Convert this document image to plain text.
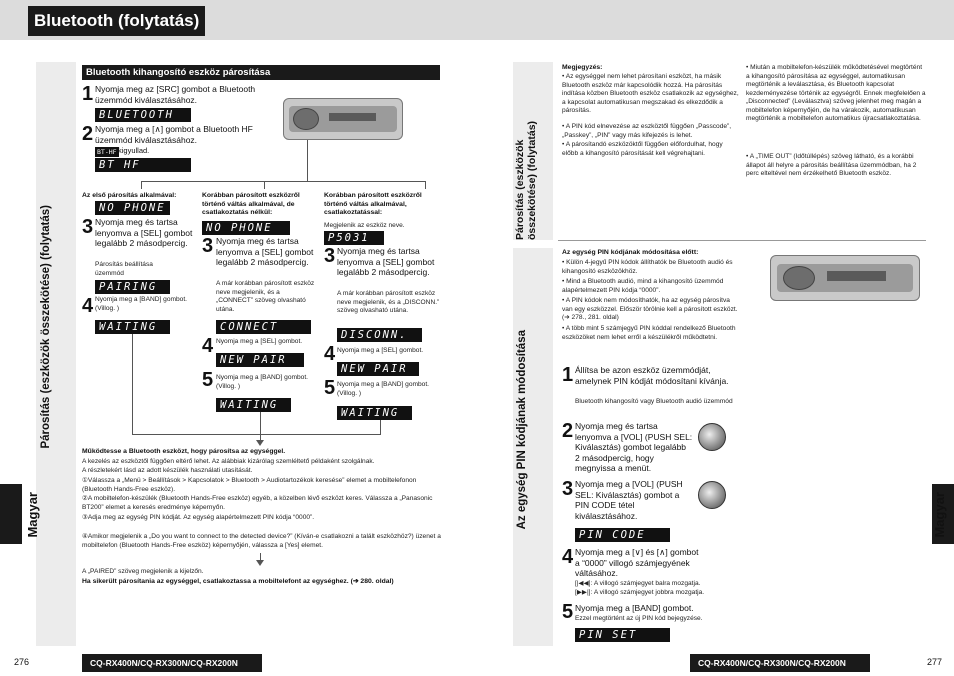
Bluetooth (folytatás)
Párosítás (eszközök összekötése) (folytatás)
Magyar
Bluetooth kihangosító eszköz párosítása
1 Nyomja meg az [SRC] gombot a Bluetooth üzemmód kiválasztásához.
BLUETOOTH
2 Nyomja meg a [∧] gombot a Bluetooth HF üzemmód kiválasztásához.
BT-HF kigyullad.
BT HF
Az első párosítás alkalmával:	Korábban párosított eszközről történő váltás alkalmával, de csatlakoztatás nélkül:
Korábban párosított eszközről történő váltás alkalmával, csatlakoztatással:
Megjelenik az eszköz neve.
NO PHONE
3 Nyomja meg és tartsa lenyomva a [SEL] gombot legalább 2 másodpercig.
Párosítás beállítása üzemmód
PAIRING
4 Nyomja meg a [BAND] gombot. (Villog. )
WAITING
NO PHONE
3 Nyomja meg és tartsa lenyomva a [SEL] gombot legalább 2 másodpercig.
A már korábban párosított eszköz neve megjelenik, és a „CONNECT” szöveg olvasható utána.
CONNECT
4 Nyomja meg a [SEL] gombot.
NEW PAIR
5 Nyomja meg a [BAND] gombot. (Villog. )
WAITING
P5031
3 Nyomja meg és tartsa lenyomva a [SEL] gombot legalább 2 másodpercig.
A már korábban párosított eszköz neve megjelenik, és a „DISCONN.” szöveg olvasható utána.
DISCONN.
4 Nyomja meg a [SEL] gombot.
NEW PAIR
5 Nyomja meg a [BAND] gombot. (Villog. )
WAITING
Működtesse a Bluetooth eszközt, hogy párosítsa az egységgel.
A kezelés az eszköztől függően eltérő lehet. Az alábbiak kizárólag szemléltető példaként szolgálnak.
A részletekért lásd az adott készülék használati utasítását.
①Válassza a „Menü > Beállítások > Kapcsolatok > Bluetooth > Audiotartozékok keresése” elemet a mobiltelefonon (Bluetooth Hands-Free eszköz).
②A mobiltelefon-készülék (Bluetooth Hands-Free eszköz) egyéb, a közelben lévő eszközt keres. Válassza a „Panasonic BT200” elemet a keresés eredménye képernyőn.
③Adja meg az egység PIN kódját. Az egység alapértelmezett PIN kódja “0000”.
④Amikor megjelenik a „Do you want to connect to the detected device?” (Kíván-e csatlakozni a talált eszközhöz?) üzenet a mobiltelefon (Bluetooth Hands-Free eszköz) képernyőjén, válassza a [Yes] elemet.
A „PAIRED” szöveg megjelenik a kijelzőn.
Ha sikerült párosítania az egységgel, csatlakoztassa a mobiltelefont az egységhez. (➔ 280. oldal)
276	CQ-RX400N/CQ-RX300N/CQ-RX200N
Párosítás (eszközök összekötése) (folytatás)
Az egység PIN kódjának módosítása	Magyar
Megjegyzés:
• Az egységgel nem lehet párosítani eszközt, ha másik Bluetooth eszköz már kapcsolódik hozzá. Ha párosítás indítása közben Bluetooth eszköz csatlakozik az egységhez, a kapcsolat automatikusan megszakad és elkezdődik a párosítás.
• A PIN kód elnevezése az eszköztől függően „Passcode”, „Passkey”, „PIN” vagy más kifejezés is lehet.
• A párosítandó eszközöktől függően előfordulhat, hogy előbb a kihangosító párosítását kell végrehajtani.
• Miután a mobiltelefon-készülék működtetésével megtörtént a kihangosító párosítása az egységgel, automatikusan megtörténik a leválasztása, és Bluetooth kapcsolat kezdeményezése történik az egységről. Ennek megfelelően a „Disconnected” (Leválasztva) szöveg jelenhet meg magán a mobiltelefon képernyőjén, de ha várakozik, automatikusan megtörténik a mobiltelefon automatikus újracsatlakoztatása.
• A „TIME OUT” (Időtúllépés) szöveg látható, és a korábbi állapot áll helyre a párosítás beállítása üzemmódban, ha 2 perc elteltével nem érzékelhető Bluetooth eszköz.
Az egység PIN kódjának módosítása előtt:
• Külön 4-jegyű PIN kódok állíthatók be Bluetooth audió és kihangosító eszközökhöz.
• Mind a Bluetooth audió, mind a kihangosító üzemmód alapértelmezett PIN kódja “0000”.
• A PIN kódok nem módosíthatók, ha az egység párosítva van egy eszközzel. Először törölnie kell a párosított eszközt. (➔ 278., 281. oldal)
• A több mint 5 számjegyű PIN kóddal rendelkező Bluetooth eszközöket nem lehet erről a készülékről működtetni.
1 Állítsa be azon eszköz üzemmódját, amelynek PIN kódját módosítani kívánja.
Bluetooth kihangosító vagy Bluetooth audió üzemmód
2 Nyomja meg és tartsa lenyomva a [VOL] (PUSH SEL: Kiválasztás) gombot legalább 2 másodpercig, hogy megnyissa a menüt.
3 Nyomja meg a [VOL] (PUSH SEL: Kiválasztás) gombot a PIN CODE tétel kiválasztásához.
PIN CODE
4 Nyomja meg a [∨] és [∧] gombot a “0000” villogó számjegyének váltásához.
[|◀◀]: A villogó számjegyet balra mozgatja.
[▶▶|]: A villogó számjegyet jobbra mozgatja.
5 Nyomja meg a [BAND] gombot.
Ezzel megtörtént az új PIN kód bejegyzése.
PIN SET
CQ-RX400N/CQ-RX300N/CQ-RX200N	277
